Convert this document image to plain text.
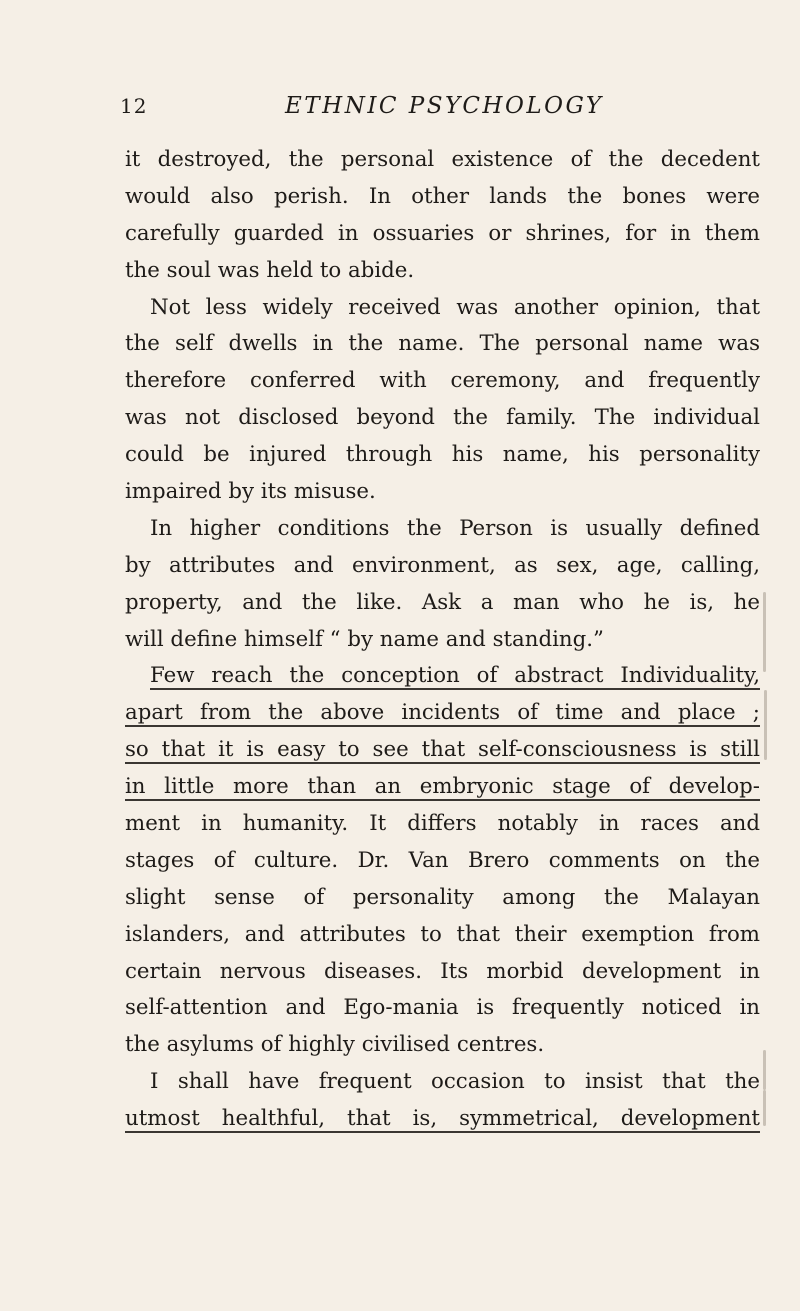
12	ETHNIC PSYCHOLOGY
it destroyed, the personal existence of the decedent
would also perish. In other lands the bones were
carefully guarded in ossuaries or shrines, for in them
the soul was held to abide.
Not less widely received was another opinion, that
the self dwells in the name. The personal name was
therefore conferred with ceremony, and frequently
was not disclosed beyond the family. The individual
could be injured through his name, his personality
impaired by its misuse.
In higher conditions the Person is usually defined
by attributes and environment, as sex, age, calling,
property, and the like. Ask a man who he is, he
will define himself “ by name and standing.”
Few reach the conception of abstract Individuality,
apart from the above incidents of time and place ;
so that it is easy to see that self-consciousness is still
in little more than an embryonic stage of develop-
ment in humanity. It differs notably in races and
stages of culture. Dr. Van Brero comments on the
slight sense of personality among the Malayan
islanders, and attributes to that their exemption from
certain nervous diseases. Its morbid development in
self-attention and Ego-mania is frequently noticed in
the asylums of highly civilised centres.
I shall have frequent occasion to insist that the
utmost healthful, that is, symmetrical, development
